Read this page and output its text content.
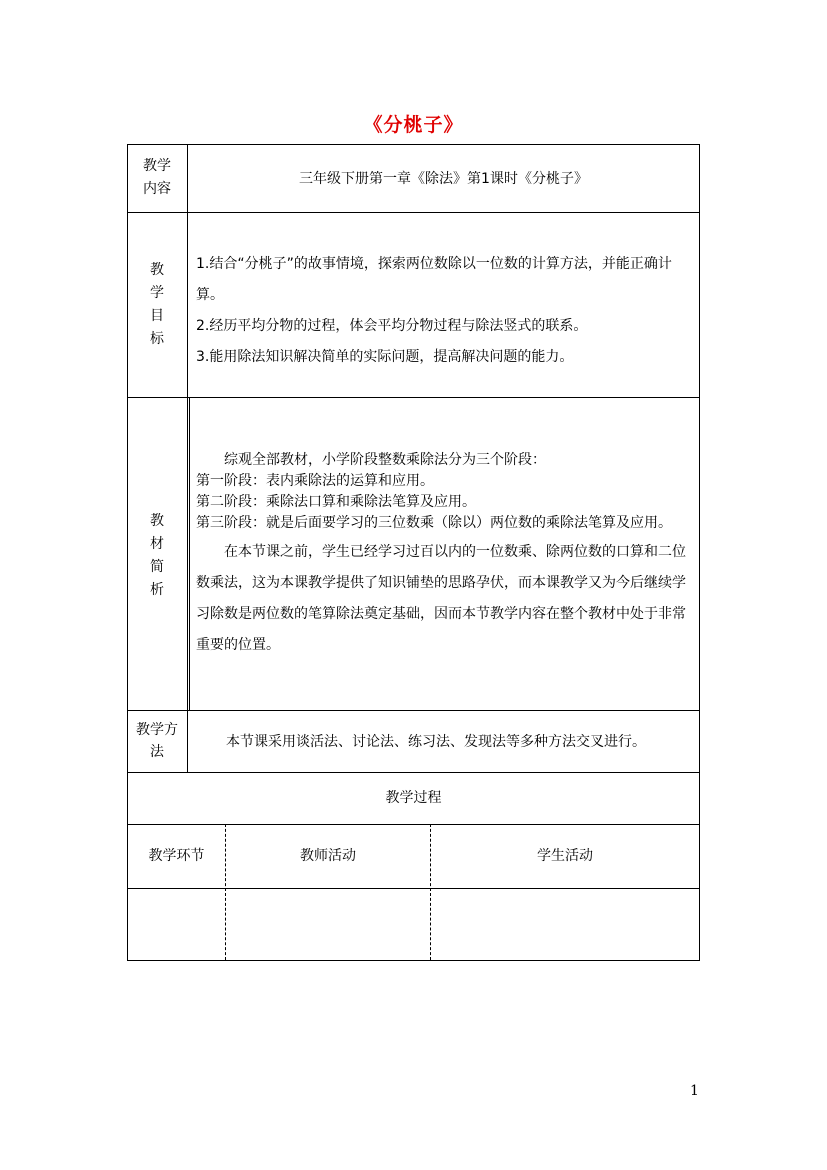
《分桃子》
教学
内容
三年级下册第一章《除法》第1课时《分桃子》
教
学
目
标

1.结合“分桃子”的故事情境，探索两位数除以一位数的计算方法，并能正确计算。

2.经历平均分物的过程，体会平均分物过程与除法竖式的联系。

3.能用除法知识解决简单的实际问题，提高解决问题的能力。

教
材
简
析

综观全部教材，小学阶段整数乘除法分为三个阶段：

第一阶段：表内乘除法的运算和应用。

第二阶段：乘除法口算和乘除法笔算及应用。

第三阶段：就是后面要学习的三位数乘（除以）两位数的乘除法笔算及应用。

在本节课之前，学生已经学习过百以内的一位数乘、除两位数的口算和二位数乘法，这为本课教学提供了知识铺垫的思路孕伏，而本课教学又为今后继续学习除数是两位数的笔算除法奠定基础，因而本节教学内容在整个教材中处于非常重要的位置。

教学方
法
本节课采用谈活法、讨论法、练习法、发现法等多种方法交叉进行。
教学过程
教学环节	教师活动	学生活动
1
